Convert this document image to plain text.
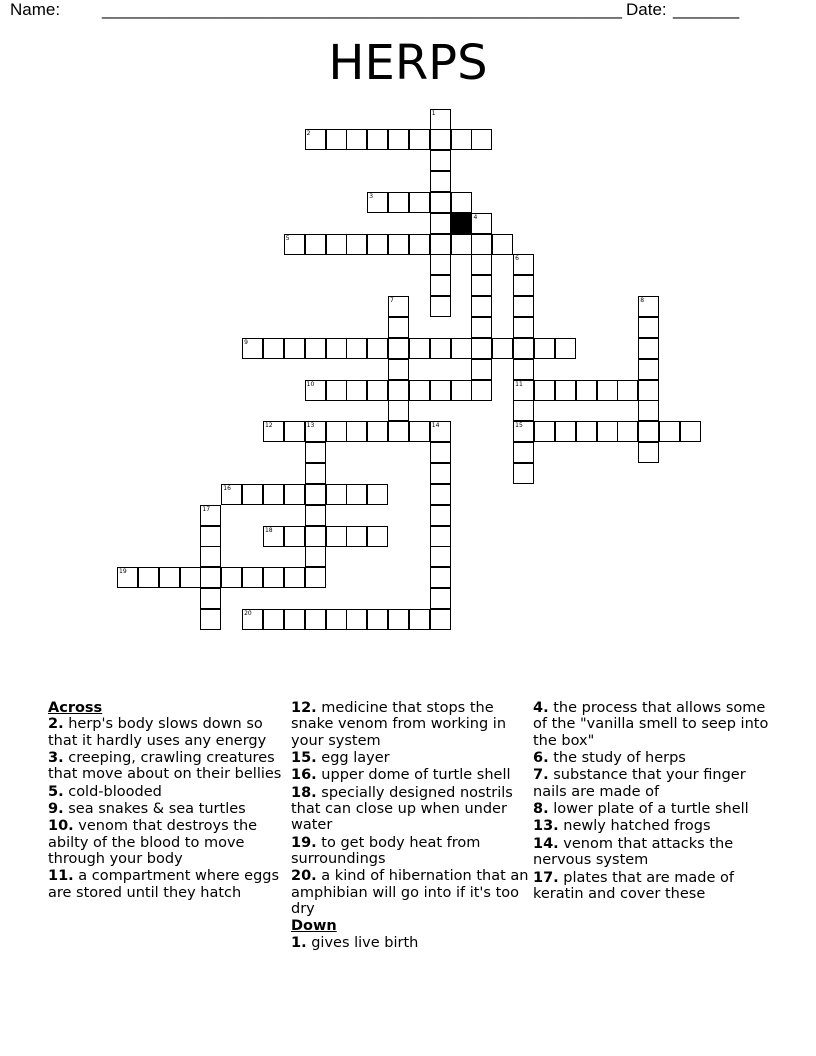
Name: _______________________________________________________ Date: _______
HERPS
1
2
3
4
5
6
7	8
9
10	11
12	13	14	15
16
17
18
19
20
Across
2. herp's body slows down so that it hardly uses any energy
3. creeping, crawling creatures that move about on their bellies
5. cold-blooded
9. sea snakes & sea turtles
10. venom that destroys the abilty of the blood to move through your body
11. a compartment where eggs are stored until they hatch
12. medicine that stops the snake venom from working in your system
15. egg layer
16. upper dome of turtle shell
18. specially designed nostrils that can close up when under water
19. to get body heat from surroundings
20. a kind of hibernation that an amphibian will go into if it's too dry
Down
1. gives live birth
4. the process that allows some of the "vanilla smell to seep into the box"
6. the study of herps
7. substance that your finger nails are made of
8. lower plate of a turtle shell
13. newly hatched frogs
14. venom that attacks the nervous system
17. plates that are made of keratin and cover these
